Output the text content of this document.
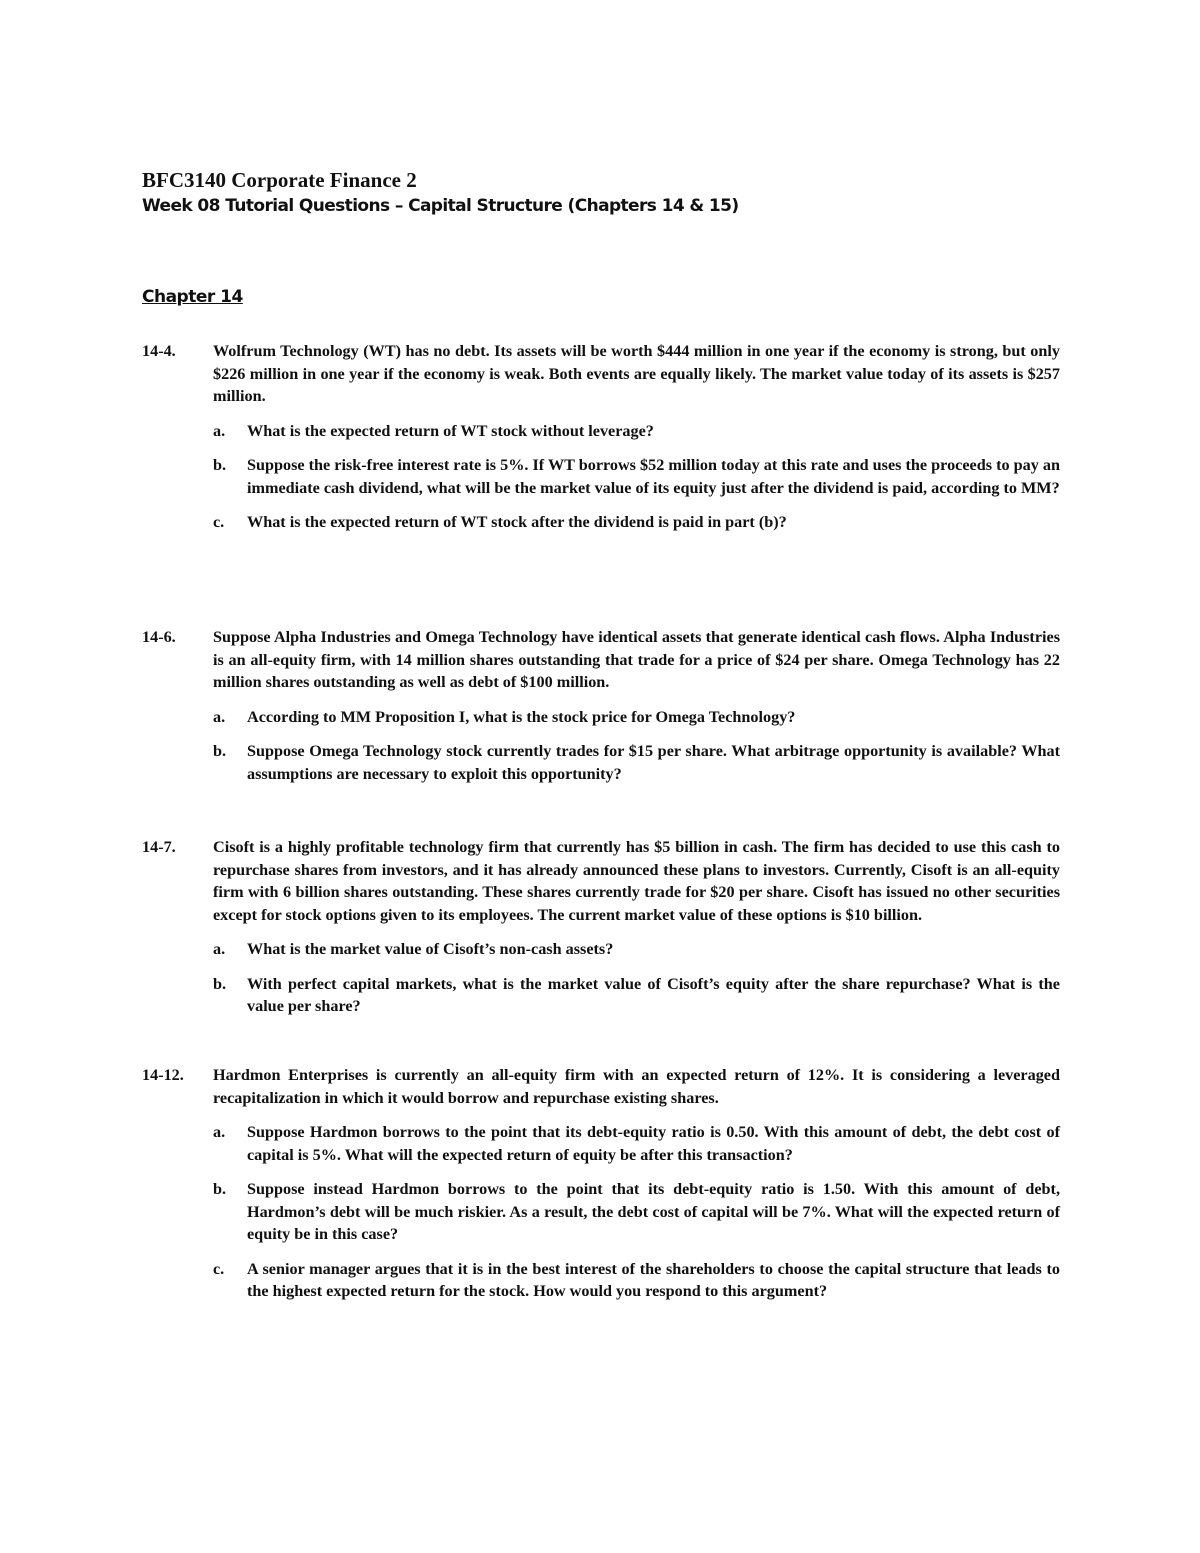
BFC3140 Corporate Finance 2
Week 08 Tutorial Questions – Capital Structure (Chapters 14 & 15)
Chapter 14
14-4. Wolfrum Technology (WT) has no debt. Its assets will be worth $444 million in one year if the economy is strong, but only $226 million in one year if the economy is weak. Both events are equally likely. The market value today of its assets is $257 million.
a. What is the expected return of WT stock without leverage?
b. Suppose the risk-free interest rate is 5%. If WT borrows $52 million today at this rate and uses the proceeds to pay an immediate cash dividend, what will be the market value of its equity just after the dividend is paid, according to MM?
c. What is the expected return of WT stock after the dividend is paid in part (b)?
14-6. Suppose Alpha Industries and Omega Technology have identical assets that generate identical cash flows. Alpha Industries is an all-equity firm, with 14 million shares outstanding that trade for a price of $24 per share. Omega Technology has 22 million shares outstanding as well as debt of $100 million.
a. According to MM Proposition I, what is the stock price for Omega Technology?
b. Suppose Omega Technology stock currently trades for $15 per share. What arbitrage opportunity is available? What assumptions are necessary to exploit this opportunity?
14-7. Cisoft is a highly profitable technology firm that currently has $5 billion in cash. The firm has decided to use this cash to repurchase shares from investors, and it has already announced these plans to investors. Currently, Cisoft is an all-equity firm with 6 billion shares outstanding. These shares currently trade for $20 per share. Cisoft has issued no other securities except for stock options given to its employees. The current market value of these options is $10 billion.
a. What is the market value of Cisoft’s non-cash assets?
b. With perfect capital markets, what is the market value of Cisoft’s equity after the share repurchase? What is the value per share?
14-12. Hardmon Enterprises is currently an all-equity firm with an expected return of 12%. It is considering a leveraged recapitalization in which it would borrow and repurchase existing shares.
a. Suppose Hardmon borrows to the point that its debt-equity ratio is 0.50. With this amount of debt, the debt cost of capital is 5%. What will the expected return of equity be after this transaction?
b. Suppose instead Hardmon borrows to the point that its debt-equity ratio is 1.50. With this amount of debt, Hardmon’s debt will be much riskier. As a result, the debt cost of capital will be 7%. What will the expected return of equity be in this case?
c. A senior manager argues that it is in the best interest of the shareholders to choose the capital structure that leads to the highest expected return for the stock. How would you respond to this argument?
